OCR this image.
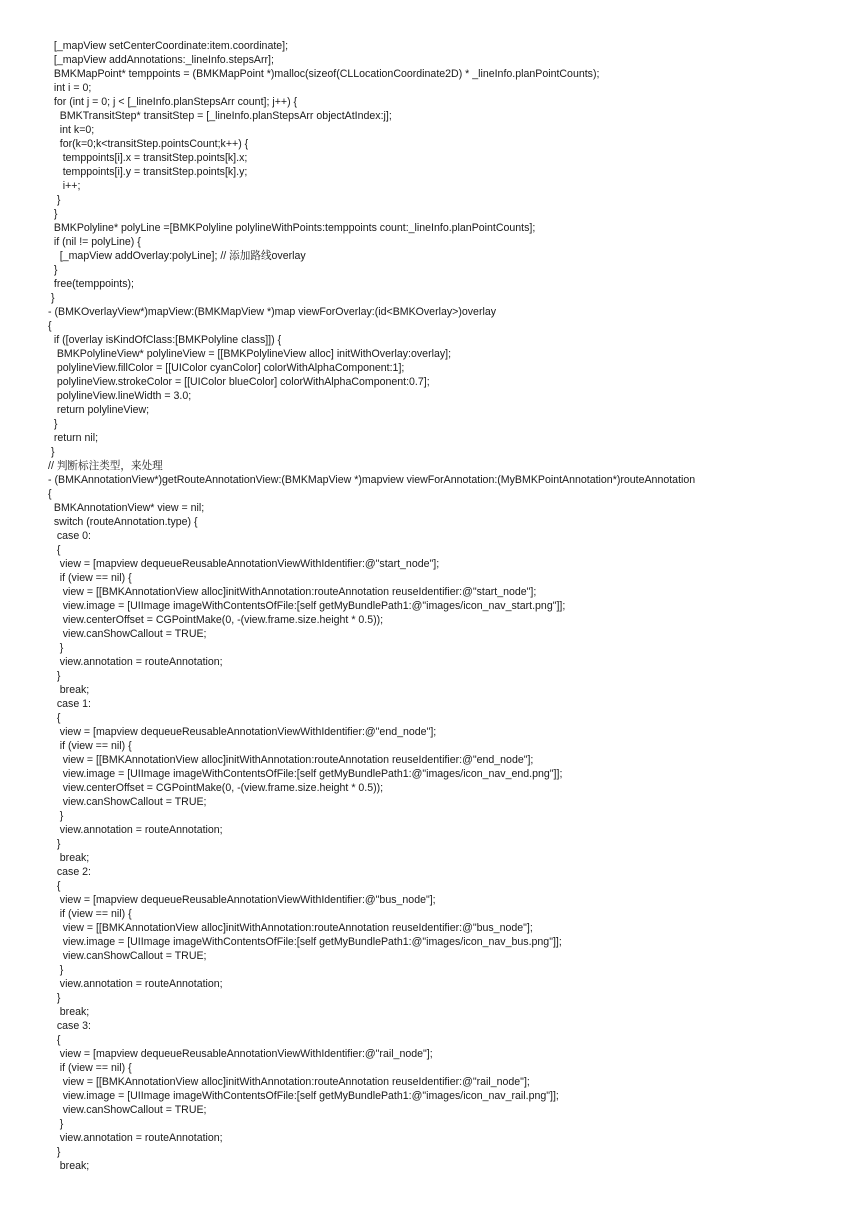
[_mapView setCenterCoordinate:item.coordinate];
[_mapView addAnnotations:_lineInfo.stepsArr];
BMKMapPoint* temppoints = (BMKMapPoint *)malloc(sizeof(CLLocationCoordinate2D) * _lineInfo.planPointCounts);
int i = 0;
for (int j = 0; j < [_lineInfo.planStepsArr count]; j++) {
BMKTransitStep* transitStep = [_lineInfo.planStepsArr objectAtIndex:j];
int k=0;
for(k=0;k<transitStep.pointsCount;k++) {
temppoints[i].x = transitStep.points[k].x;
temppoints[i].y = transitStep.points[k].y;
i++;
}
}
BMKPolyline* polyLine =[BMKPolyline polylineWithPoints:temppoints count:_lineInfo.planPointCounts];
if (nil != polyLine) {
[_mapView addOverlay:polyLine]; // 添加路线overlay
}
free(temppoints);
}
- (BMKOverlayView*)mapView:(BMKMapView *)map viewForOverlay:(id<BMKOverlay>)overlay
{
if ([overlay isKindOfClass:[BMKPolyline class]]) {
BMKPolylineView* polylineView = [[BMKPolylineView alloc] initWithOverlay:overlay];
polylineView.fillColor = [[UIColor cyanColor] colorWithAlphaComponent:1];
polylineView.strokeColor = [[UIColor blueColor] colorWithAlphaComponent:0.7];
polylineView.lineWidth = 3.0;
return polylineView;
}
return nil;
}
// 判断标注类型，来处理
- (BMKAnnotationView*)getRouteAnnotationView:(BMKMapView *)mapview viewForAnnotation:(MyBMKPointAnnotation*)routeAnnotation
{
BMKAnnotationView* view = nil;
switch (routeAnnotation.type) {
case 0:
{
view = [mapview dequeueReusableAnnotationViewWithIdentifier:@"start_node"];
if (view == nil) {
view = [[BMKAnnotationView alloc]initWithAnnotation:routeAnnotation reuseIdentifier:@"start_node"];
view.image = [UIImage imageWithContentsOfFile:[self getMyBundlePath1:@"images/icon_nav_start.png"]];
view.centerOffset = CGPointMake(0, -(view.frame.size.height * 0.5));
view.canShowCallout = TRUE;
}
view.annotation = routeAnnotation;
}
break;
case 1:
{
view = [mapview dequeueReusableAnnotationViewWithIdentifier:@"end_node"];
if (view == nil) {
view = [[BMKAnnotationView alloc]initWithAnnotation:routeAnnotation reuseIdentifier:@"end_node"];
view.image = [UIImage imageWithContentsOfFile:[self getMyBundlePath1:@"images/icon_nav_end.png"]];
view.centerOffset = CGPointMake(0, -(view.frame.size.height * 0.5));
view.canShowCallout = TRUE;
}
view.annotation = routeAnnotation;
}
break;
case 2:
{
view = [mapview dequeueReusableAnnotationViewWithIdentifier:@"bus_node"];
if (view == nil) {
view = [[BMKAnnotationView alloc]initWithAnnotation:routeAnnotation reuseIdentifier:@"bus_node"];
view.image = [UIImage imageWithContentsOfFile:[self getMyBundlePath1:@"images/icon_nav_bus.png"]];
view.canShowCallout = TRUE;
}
view.annotation = routeAnnotation;
}
break;
case 3:
{
view = [mapview dequeueReusableAnnotationViewWithIdentifier:@"rail_node"];
if (view == nil) {
view = [[BMKAnnotationView alloc]initWithAnnotation:routeAnnotation reuseIdentifier:@"rail_node"];
view.image = [UIImage imageWithContentsOfFile:[self getMyBundlePath1:@"images/icon_nav_rail.png"]];
view.canShowCallout = TRUE;
}
view.annotation = routeAnnotation;
}
break;
